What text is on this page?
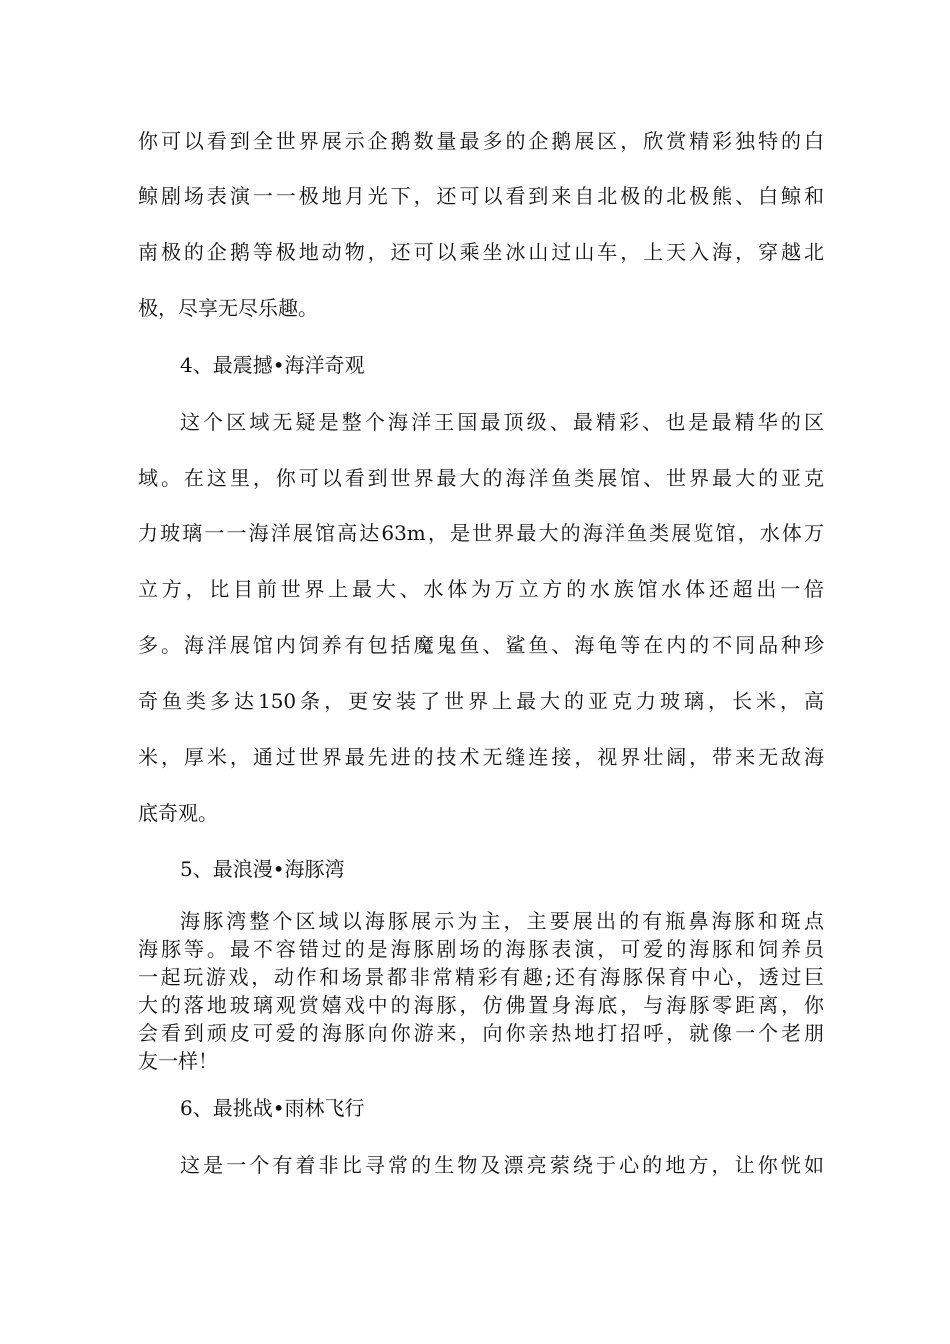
你可以看到全世界展示企鹅数量最多的企鹅展区，欣赏精彩独特的白

鲸剧场表演一一极地月光下，还可以看到来自北极的北极熊、白鲸和

南极的企鹅等极地动物，还可以乘坐冰山过山车，上天入海，穿越北

极，尽享无尽乐趣。

4、最震撼•海洋奇观

这个区域无疑是整个海洋王国最顶级、最精彩、也是最精华的区

域。在这里，你可以看到世界最大的海洋鱼类展馆、世界最大的亚克

力玻璃一一海洋展馆高达63m，是世界最大的海洋鱼类展览馆，水体万

立方，比目前世界上最大、水体为万立方的水族馆水体还超出一倍

多。海洋展馆内饲养有包括魔鬼鱼、鲨鱼、海龟等在内的不同品种珍

奇鱼类多达150条，更安装了世界上最大的亚克力玻璃，长米，高

米，厚米，通过世界最先进的技术无缝连接，视界壮阔，带来无敌海

底奇观。

5、最浪漫•海豚湾

海豚湾整个区域以海豚展示为主，主要展出的有瓶鼻海豚和斑点

海豚等。最不容错过的是海豚剧场的海豚表演，可爱的海豚和饲养员

一起玩游戏，动作和场景都非常精彩有趣;还有海豚保育中心，透过巨

大的落地玻璃观赏嬉戏中的海豚，仿佛置身海底，与海豚零距离，你

会看到顽皮可爱的海豚向你游来，向你亲热地打招呼，就像一个老朋

友一样！

6、最挑战•雨林飞行

这是一个有着非比寻常的生物及漂亮萦绕于心的地方，让你恍如
